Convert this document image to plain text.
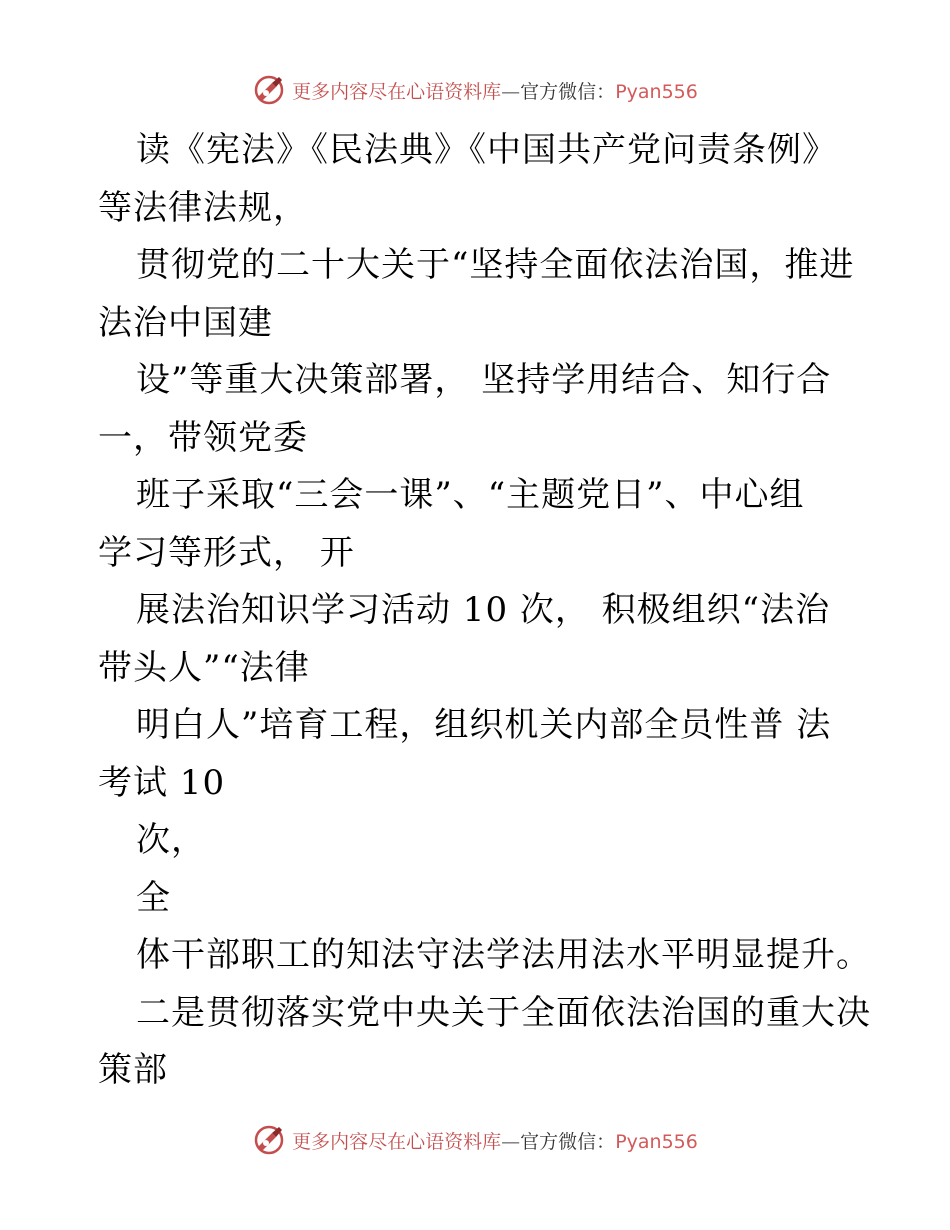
更多内容尽在心语资料库—官方微信：Pyan556
读《宪法》《民法典》《中国共产党问责条例》
等法律法规，
贯彻党的二十大关于“坚持全面依法治国，推进
法治中国建
设”等重大决策部署， 坚持学用结合、知行合
一，带领党委
班子采取“三会一课”、“主题党日”、中心组
学习等形式， 开
展法治知识学习活动 10 次， 积极组织“法治
带头人”“法律
明白人”培育工程，组织机关内部全员性普 法
考试 10
次，
全
体干部职工的知法守法学法用法水平明显提升。
二是贯彻落实党中央关于全面依法治国的重大决
策部
更多内容尽在心语资料库—官方微信：Pyan556
